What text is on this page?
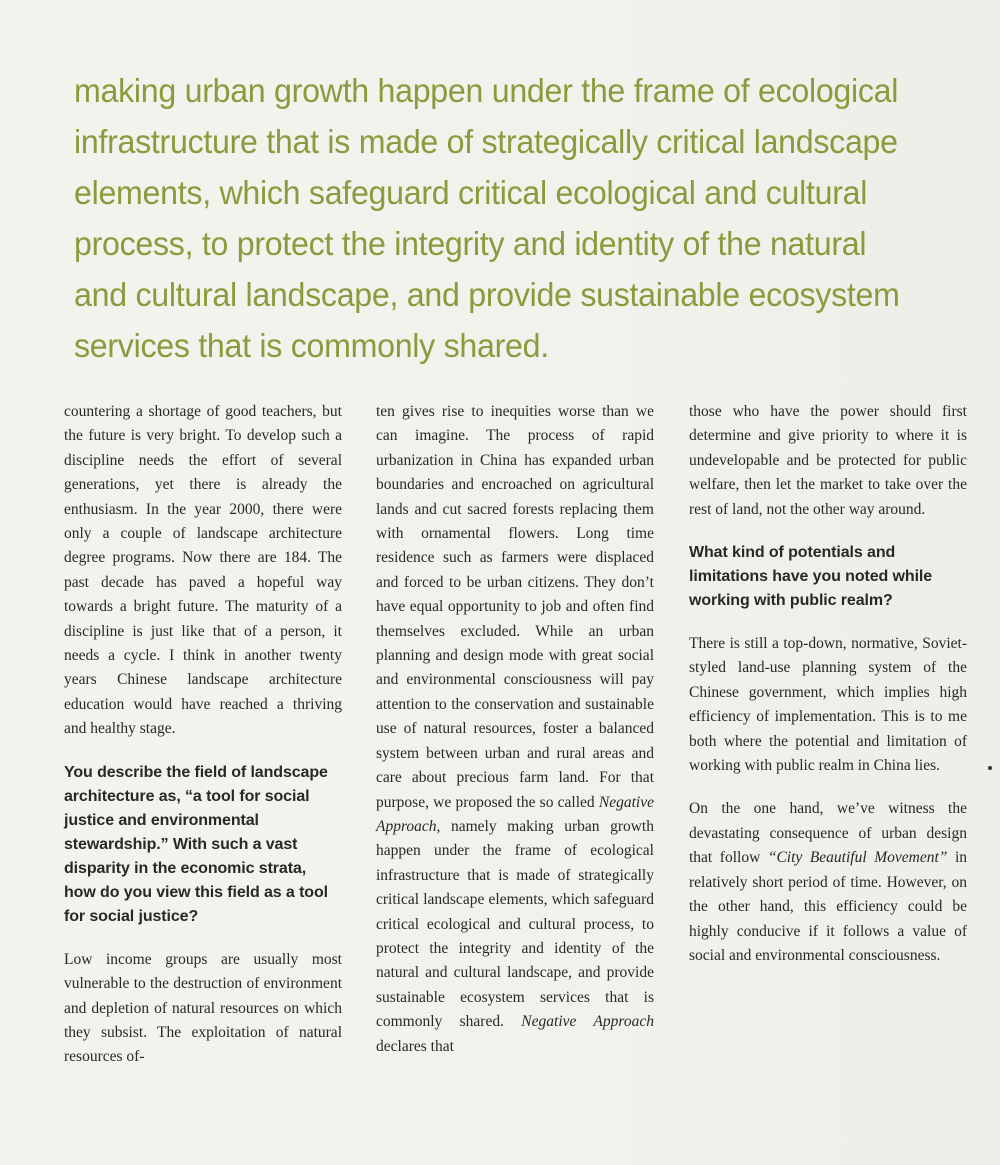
making urban growth happen under the frame of ecological infrastructure that is made of strategically critical landscape elements, which safeguard critical ecological and cultural process, to protect the integrity and identity of the natural and cultural landscape, and provide sustainable ecosystem services that is commonly shared.

countering a shortage of good teachers, but the future is very bright. To develop such a discipline needs the effort of several generations, yet there is already the enthusiasm. In the year 2000, there were only a couple of landscape architecture degree programs. Now there are 184. The past decade has paved a hopeful way towards a bright future. The maturity of a discipline is just like that of a person, it needs a cycle. I think in another twenty years Chinese landscape architecture education would have reached a thriving and healthy stage.

You describe the field of landscape architecture as, “a tool for social justice and environmental stewardship.” With such a vast disparity in the economic strata, how do you view this field as a tool for social justice?

Low income groups are usually most vulnerable to the destruction of environment and depletion of natural resources on which they subsist. The exploitation of natural resources of-

ten gives rise to inequities worse than we can imagine. The process of rapid urbanization in China has expanded urban boundaries and encroached on agricultural lands and cut sacred forests replacing them with ornamental flowers. Long time residence such as farmers were displaced and forced to be urban citizens. They don’t have equal opportunity to job and often find themselves excluded. While an urban planning and design mode with great social and environmental consciousness will pay attention to the conservation and sustainable use of natural resources, foster a balanced system between urban and rural areas and care about precious farm land. For that purpose, we proposed the so called Negative Approach, namely making urban growth happen under the frame of ecological infrastructure that is made of strategically critical landscape elements, which safeguard critical ecological and cultural process, to protect the integrity and identity of the natural and cultural landscape, and provide sustainable ecosystem services that is commonly shared. Negative Approach declares that

those who have the power should first determine and give priority to where it is undevelopable and be protected for public welfare, then let the market to take over the rest of land, not the other way around.

What kind of potentials and limitations have you noted while working with public realm?

There is still a top-down, normative, Soviet-styled land-use planning system of the Chinese government, which implies high efficiency of implementation. This is to me both where the potential and limitation of working with public realm in China lies.

On the one hand, we’ve witness the devastating consequence of urban design that follow “City Beautiful Movement” in relatively short period of time. However, on the other hand, this efficiency could be highly conducive if it follows a value of social and environmental consciousness.
